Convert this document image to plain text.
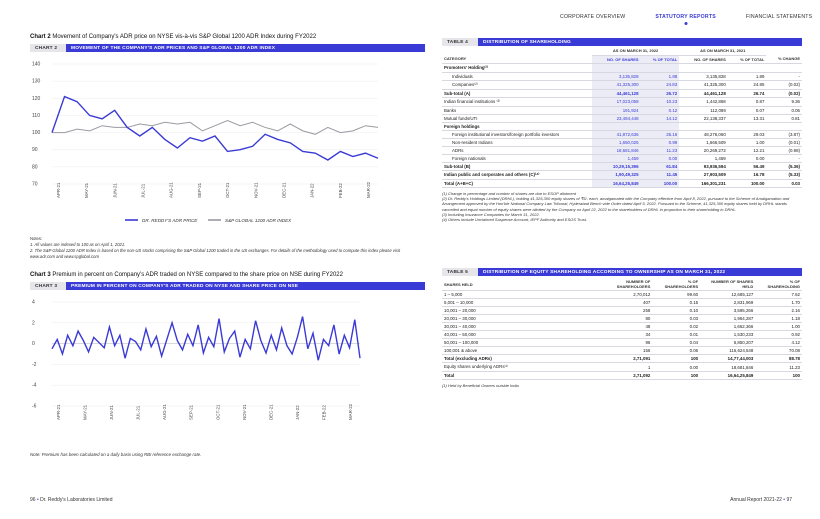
CORPORATE OVERVIEW	STATUTORY REPORTS	FINANCIAL STATEMENTS
Chart 2 Movement of Company's ADR price on NYSE vis-à-vis S&P Global 1200 ADR Index during FY2022
CHART 2	MOVEMENT OF THE COMPANY'S ADR PRICES AND S&P GLOBAL 1200 ADR INDEX
70
80
90
100
110
120
130
140
APR-21	MAY-21	JUN-21	JUL-21	AUG-21	SEP-21	OCT-21	NOV-21	DEC-21	JAN-22	FEB-22	MAR-22
DR. REDDY'S ADR PRICE	S&P GLOBAL 1200 ADR INDEX
Notes:
1. All values are indexed to 100 as on April 1, 2021.
2. The S&P Global 1200 ADR Index is based on the non-US stocks comprising the S&P Global 1200 traded in the US exchanges. For details of the methodology used to compute this index please visit www.adr.com and www.spglobal.com
Chart 3 Premium in percent on Company's ADR traded on NYSE compared to the share price on NSE during FY2022
CHART 3	PREMIUM IN PERCENT ON COMPANY'S ADR TRADED ON NYSE AND SHARE PRICE ON NSE
-6
-4
-2
0
2
4
APR-21	MAY-21	JUN-21	JUL-21	AUG-21	SEP-21	OCT-21	NOV-21	DEC-21	JAN-22	FEB-22	MAR-22
Note: Premium has been calculated on a daily basis using RBI reference exchange rate.
TABLE 4	DISTRIBUTION OF SHAREHOLDING
	AS ON MARCH 31, 2022		AS ON MARCH 31, 2021		
CATEGORY	NO. OF SHARES	% OF TOTAL	NO. OF SHARES	% OF TOTAL	% CHANGE
Promoters' Holding⁽¹⁾					
Individuals	3,135,828	1.88	3,135,828	1.89	-
Companies⁽²⁾	41,325,300	24.83	41,325,300	24.85	(0.02)
Sub-total (A)	44,461,128	26.72	44,461,128	26.74	(0.02)
Indian financial institutions ⁽³⁾	17,023,058	10.23	1,442,868	0.87	9.36
Banks	191,924	0.12	112,089	0.07	0.05
Mutual funds/UTI	23,494,448	14.12	22,138,337	13.31	0.81
Foreign holdings					
Foreign institutional investors/foreign portfolio investors	41,872,636	25.16	48,276,060	29.03	(3.87)
Non-resident Indians	1,650,025	0.99	1,666,509	1.00	(0.01)
ADRs	18,681,846	11.23	20,269,272	12.21	(0.98)
Foreign nationals	1,459	0.00	1,459	0.00	-
Sub-total (B)	10,29,15,396	61.84	93,936,594	56.49	(5.36)
Indian public and corporates and others (C)⁽⁴⁾	1,90,49,325	11.45	27,903,509	16.78	(5.33)
Total (A+B+C)	16,64,25,849	100.00	166,301,231	100.00	0.03
(1) Change in percentage and number of shares are due to ESOP allotment
(2) Dr. Reddy's Holdings Limited (DRHL), holding 41,325,300 equity shares of ₹5/- each, amalgamated with the Company effective from April 8, 2022, pursuant to the Scheme of Amalgamation and Arrangement approved by the Hon'ble National Company Law Tribunal, Hyderabad Bench vide Order dated April 5, 2022. Pursuant to the Scheme, 41,325,300 equity shares held by DRHL stands cancelled and equal number of equity shares were allotted by the Company on April 22, 2022 to the shareholders of DRHL in proportion to their shareholding in DRHL.
(3) Including Insurance Companies for March 31, 2022.
(4) Others include Unclaimed Suspense Account, IEPF Authority and ESOS Trust.
TABLE 5	DISTRIBUTION OF EQUITY SHAREHOLDING ACCORDING TO OWNERSHIP AS ON MARCH 31, 2022
SHARES HELD	NUMBER OF SHAREHOLDERS	% OF SHAREHOLDERS	NUMBER OF SHARES HELD	% OF SHAREHOLDING
1 – 5,000	2,70,012	99.60	12,685,127	7.62
5,001 – 10,000	407	0.15	2,831,969	1.70
10,001 – 20,000	258	0.10	3,595,266	2.16
20,001 – 30,000	80	0.03	1,964,287	1.18
30,001 – 40,000	48	0.02	1,662,366	1.00
40,001 – 50,000	34	0.01	1,530,233	0.92
50,001 – 100,000	96	0.04	6,850,207	4.12
100,001 & above	156	0.06	116,624,548	70.08
Total (excluding ADRs)	2,71,091	100	14,77,44,003	88.78
Equity shares underlying ADRs⁽¹⁾	1	0.00	18,681,846	11.23
Total	2,71,092	100	16,64,25,849	100
(1) Held by Beneficial Owners outside India
96 • Dr. Reddy's Laboratories Limited	Annual Report 2021-22 • 97
